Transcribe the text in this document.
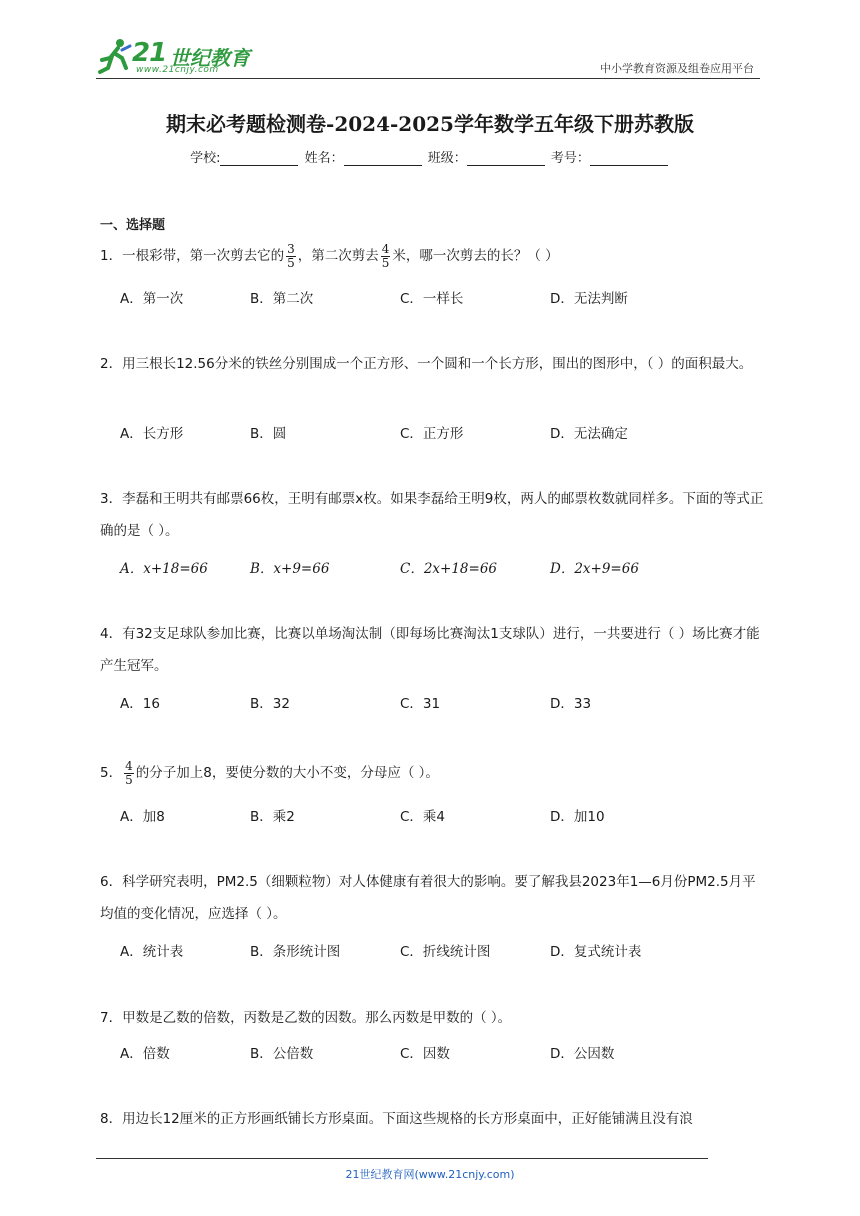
21 世纪教育
www.21cnjy.com	中小学教育资源及组卷应用平台
期末必考题检测卷-2024-2025学年数学五年级下册苏教版
学校:	姓名：	班级：	考号：
一、选择题
1．一根彩带，第一次剪去它的 $\frac{3}{5}$ ，第二次剪去 $\frac{4}{5}$ 米，哪一次剪去的长？（ ）
A．第一次	B．第二次	C．一样长	D．无法判断
2．用三根长12.56分米的铁丝分别围成一个正方形、一个圆和一个长方形，围出的图形中，（ ）的面积最大。
A．长方形	B．圆	C．正方形	D．无法确定
3．李磊和王明共有邮票66枚，王明有邮票x枚。如果李磊给王明9枚，两人的邮票枚数就同样多。下面的等式正确的是（ ）。
A．x+18=66	B．x+9=66	C．2x+18=66	D．2x+9=66
4．有32支足球队参加比赛，比赛以单场淘汰制（即每场比赛淘汰1支球队）进行，一共要进行（ ）场比赛才能产生冠军。
A．16	B．32	C．31	D．33
5． $\frac{4}{5}$ 的分子加上8，要使分数的大小不变，分母应（ ）。
A．加8	B．乘2	C．乘4	D．加10
6．科学研究表明，PM2.5（细颗粒物）对人体健康有着很大的影响。要了解我县2023年1—6月份PM2.5月平均值的变化情况，应选择（ ）。
A．统计表	B．条形统计图	C．折线统计图	D．复式统计表
7．甲数是乙数的倍数，丙数是乙数的因数。那么丙数是甲数的（ ）。
A．倍数	B．公倍数	C．因数	D．公因数
8．用边长12厘米的正方形画纸铺长方形桌面。下面这些规格的长方形桌面中，正好能铺满且没有浪
21世纪教育网(www.21cnjy.com)
